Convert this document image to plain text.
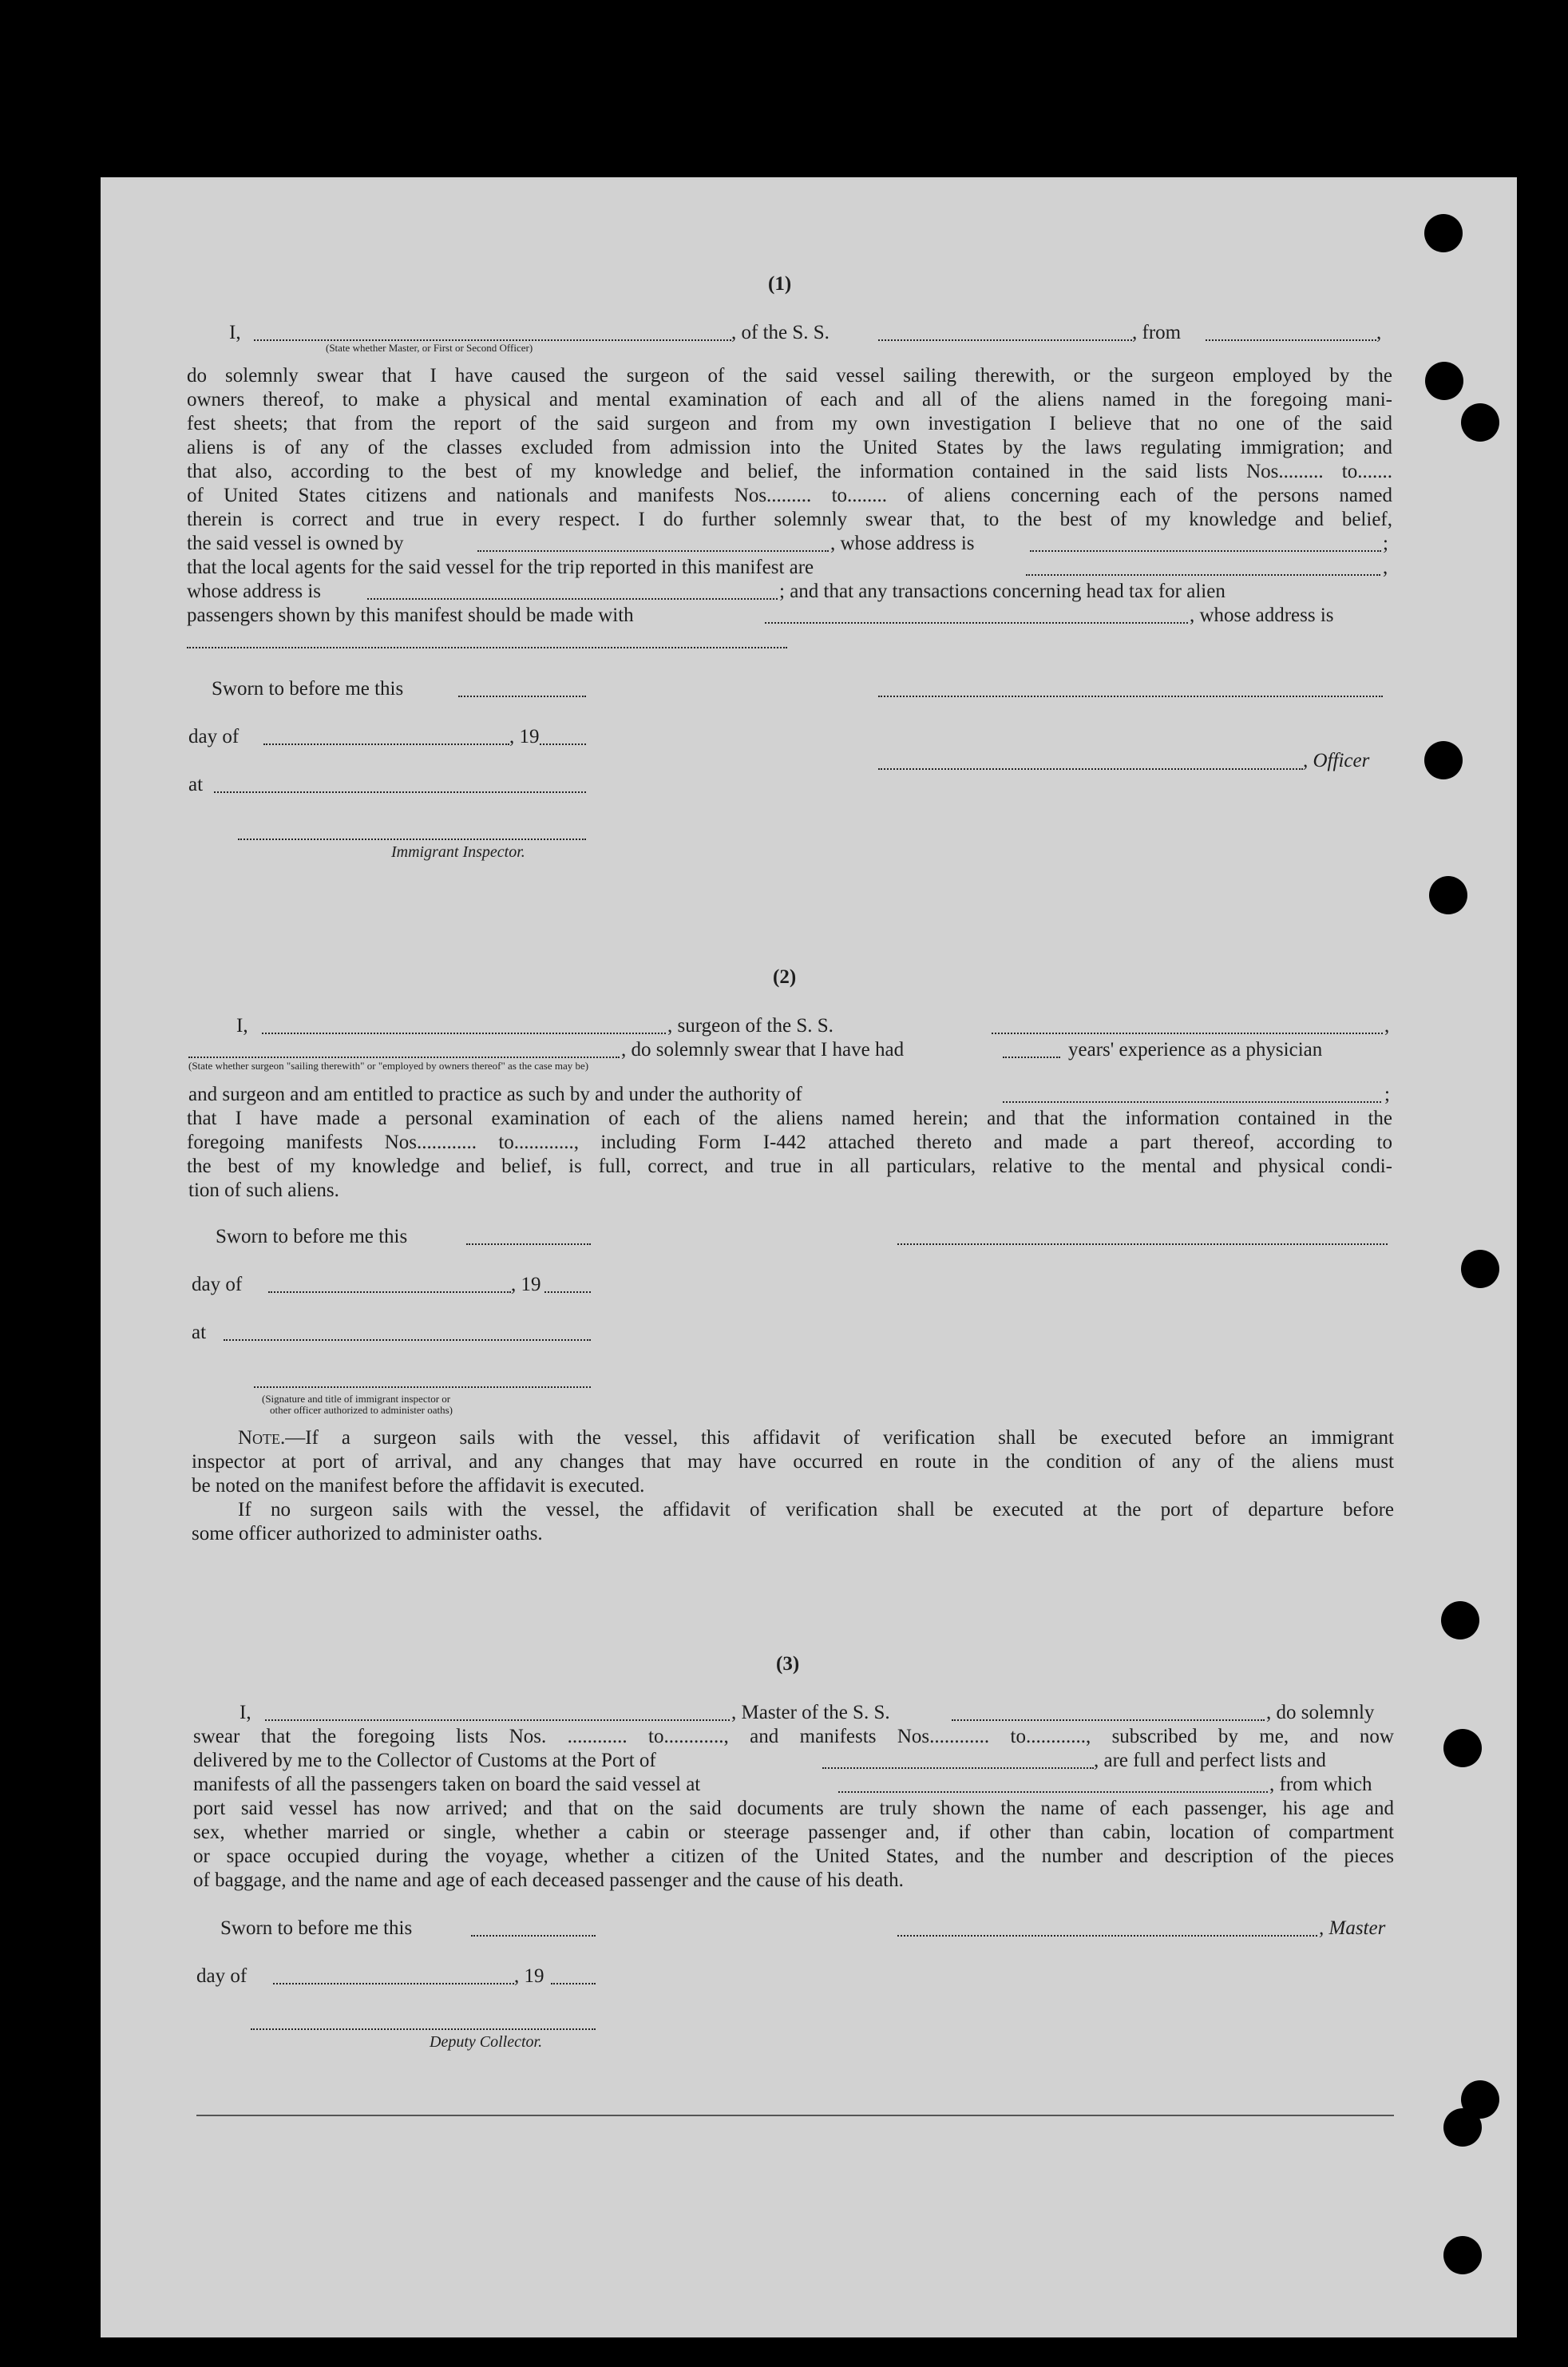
(1)
I,	, of the S. S.	, from	,
(State whether Master, or First or Second Officer)
do solemnly swear that I have caused the surgeon of the said vessel sailing therewith, or the surgeon employed by the
owners thereof, to make a physical and mental examination of each and all of the aliens named in the foregoing mani-
fest sheets; that from the report of the said surgeon and from my own investigation I believe that no one of the said
aliens is of any of the classes excluded from admission into the United States by the laws regulating immigration; and
that also, according to the best of my knowledge and belief, the information contained in the said lists Nos......... to.......
of United States citizens and nationals and manifests Nos......... to........ of aliens concerning each of the persons named
therein is correct and true in every respect. I do further solemnly swear that, to the best of my knowledge and belief,
the said vessel is owned by	, whose address is	;
that the local agents for the said vessel for the trip reported in this manifest are	,
whose address is	; and that any transactions concerning head tax for alien
passengers shown by this manifest should be made with	, whose address is
Sworn to before me this
day of	, 19
, Officer
at
Immigrant Inspector.
(2)
I,	, surgeon of the S. S.	,
, do solemnly swear that I have had	years' experience as a physician
(State whether surgeon "sailing therewith" or "employed by owners thereof" as the case may be)
and surgeon and am entitled to practice as such by and under the authority of	;
that I have made a personal examination of each of the aliens named herein; and that the information contained in the
foregoing manifests Nos............ to............, including Form I-442 attached thereto and made a part thereof, according to
the best of my knowledge and belief, is full, correct, and true in all particulars, relative to the mental and physical condi-
tion of such aliens.
Sworn to before me this
day of	, 19
at
(Signature and title of immigrant inspector or
other officer authorized to administer oaths)
Note.—If a surgeon sails with the vessel, this affidavit of verification shall be executed before an immigrant
inspector at port of arrival, and any changes that may have occurred en route in the condition of any of the aliens must
be noted on the manifest before the affidavit is executed.
If no surgeon sails with the vessel, the affidavit of verification shall be executed at the port of departure before
some officer authorized to administer oaths.
(3)
I,	, Master of the S. S.	, do solemnly
swear that the foregoing lists Nos. ............ to............, and manifests Nos............ to............, subscribed by me, and now
delivered by me to the Collector of Customs at the Port of	, are full and perfect lists and
manifests of all the passengers taken on board the said vessel at	, from which
port said vessel has now arrived; and that on the said documents are truly shown the name of each passenger, his age and
sex, whether married or single, whether a cabin or steerage passenger and, if other than cabin, location of compartment
or space occupied during the voyage, whether a citizen of the United States, and the number and description of the pieces
of baggage, and the name and age of each deceased passenger and the cause of his death.
Sworn to before me this	, Master
day of	, 19
Deputy Collector.
